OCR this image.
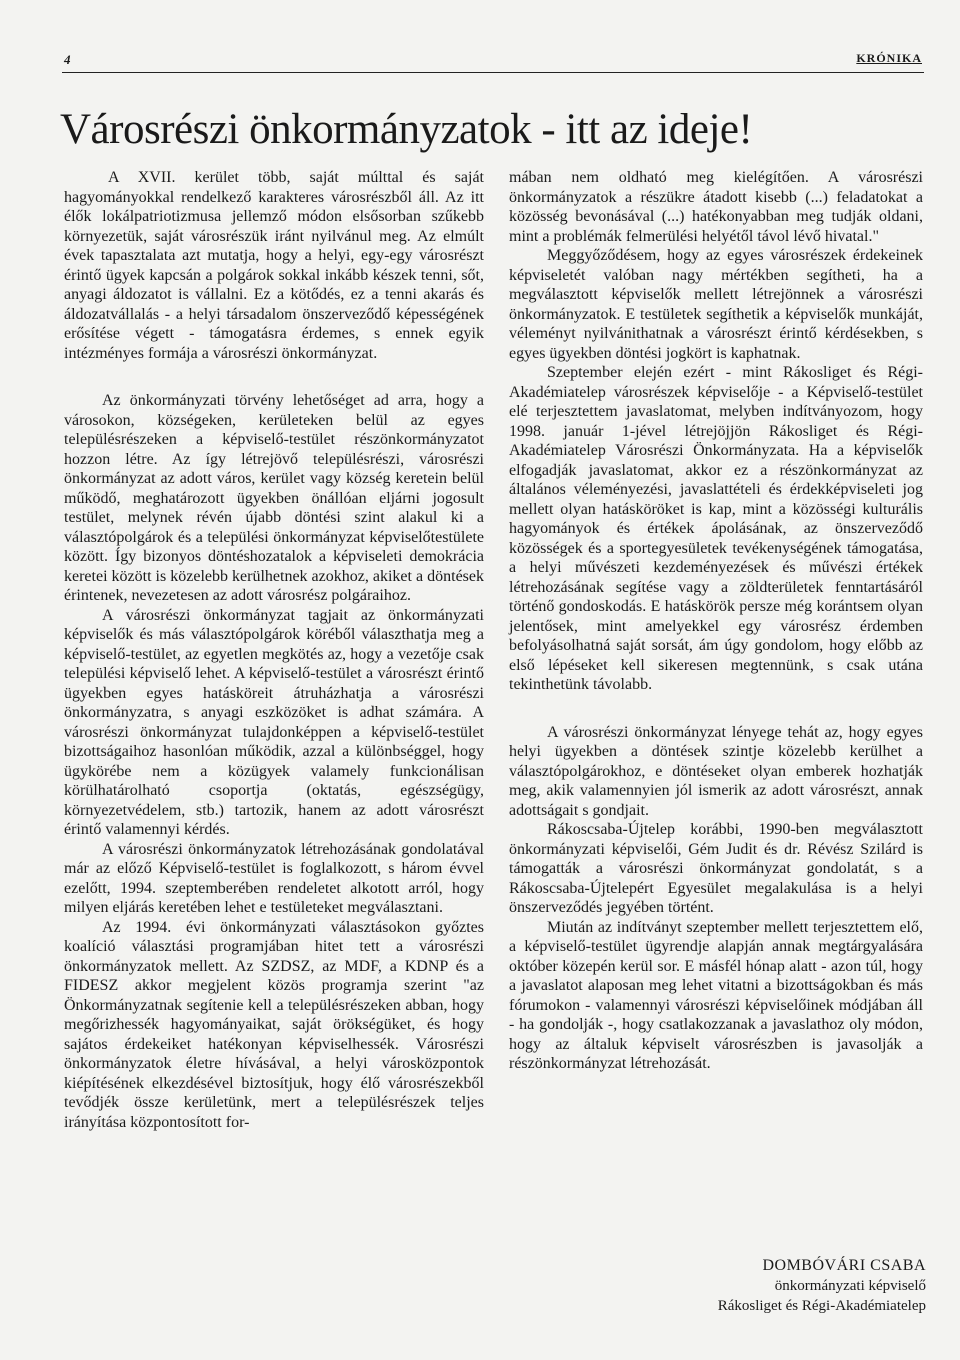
4	KRÓNIKA
Városrészi önkormányzatok - itt az ideje!

A XVII. kerület több, saját múlttal és saját hagyományokkal rendelkező karakteres városrészből áll. Az itt élők lokálpatriotizmusa jellemző módon elsősorban szűkebb környezetük, saját városrészük iránt nyilvánul meg. Az elmúlt évek tapasztalata azt mutatja, hogy a helyi, egy-egy városrészt érintő ügyek kapcsán a polgárok sokkal inkább készek tenni, sőt, anyagi áldozatot is vállalni. Ez a kötődés, ez a tenni akarás és áldozatvállalás - a helyi társadalom önszerveződő képességének erősítése végett - támogatásra érdemes, s ennek egyik intézményes formája a városrészi önkormányzat.

Az önkormányzati törvény lehetőséget ad arra, hogy a városokon, községeken, kerületeken belül az egyes településrészeken a képviselő-testület részönkormányzatot hozzon létre. Az így létrejövő településrészi, városrészi önkormányzat az adott város, kerület vagy község keretein belül működő, meghatározott ügyekben önállóan eljárni jogosult testület, melynek révén újabb döntési szint alakul ki a választópolgárok és a települési önkormányzat képviselőtestülete között. Így bizonyos döntéshozatalok a képviseleti demokrácia keretei között is közelebb kerülhetnek azokhoz, akiket a döntések érintenek, nevezetesen az adott városrész polgáraihoz.

A városrészi önkormányzat tagjait az önkormányzati képviselők és más választópolgárok köréből választhatja meg a képviselő-testület, az egyetlen megkötés az, hogy a vezetője csak települési képviselő lehet. A képviselő-testület a városrészt érintő ügyekben egyes hatásköreit átruházhatja a városrészi önkormányzatra, s anyagi eszközöket is adhat számára. A városrészi önkormányzat tulajdonképpen a képviselő-testület bizottságaihoz hasonlóan működik, azzal a különbséggel, hogy ügykörébe nem a közügyek valamely funkcionálisan körülhatárolható csoportja (oktatás, egészségügy, környezetvédelem, stb.) tartozik, hanem az adott városrészt érintő valamennyi kérdés.

A városrészi önkormányzatok létrehozásának gondolatával már az előző Képviselő-testület is foglalkozott, s három évvel ezelőtt, 1994. szeptemberében rendeletet alkotott arról, hogy milyen eljárás keretében lehet e testületeket megválasztani.

Az 1994. évi önkormányzati választásokon győztes koalíció választási programjában hitet tett a városrészi önkormányzatok mellett. Az SZDSZ, az MDF, a KDNP és a FIDESZ akkor megjelent közös programja szerint "az Önkormányzatnak segítenie kell a településrészeken abban, hogy megőrizhessék hagyományaikat, saját örökségüket, és hogy sajátos érdekeiket hatékonyan képviselhessék. Városrészi önkormányzatok életre hívásával, a helyi városközpontok kiépítésének elkezdésével biztosítjuk, hogy élő városrészekből tevődjék össze kerületünk, mert a településrészek teljes irányítása központosított for-

mában nem oldható meg kielégítően. A városrészi önkormányzatok a részükre átadott kisebb (...) feladatokat a közösség bevonásával (...) hatékonyabban meg tudják oldani, mint a problémák felmerülési helyétől távol lévő hivatal."

Meggyőződésem, hogy az egyes városrészek érdekeinek képviseletét valóban nagy mértékben segítheti, ha a megválasztott képviselők mellett létrejönnek a városrészi önkormányzatok. E testületek segíthetik a képviselők munkáját, véleményt nyilvánithatnak a városrészt érintő kérdésekben, s egyes ügyekben döntési jogkört is kaphatnak.

Szeptember elején ezért - mint Rákosliget és Régi-Akadémiatelep városrészek képviselője - a Képviselő-testület elé terjesztettem javaslatomat, melyben indítványozom, hogy 1998. január 1-jével létrejöjjön Rákosliget és Régi-Akadémiatelep Városrészi Önkormányzata. Ha a képviselők elfogadják javaslatomat, akkor ez a részönkormányzat az általános véleményezési, javaslattételi és érdekképviseleti jog mellett olyan hatásköröket is kap, mint a közösségi kulturális hagyományok és értékek ápolásának, az önszerveződő közösségek és a sportegyesületek tevékenységének támogatása, a helyi művészeti kezdeményezések és művészi értékek létrehozásának segítése vagy a zöldterületek fenntartásáról történő gondoskodás. E hatáskörök persze még korántsem olyan jelentősek, mint amelyekkel egy városrész érdemben befolyásolhatná saját sorsát, ám úgy gondolom, hogy előbb az első lépéseket kell sikeresen megtennünk, s csak utána tekinthetünk távolabb.

A városrészi önkormányzat lényege tehát az, hogy egyes helyi ügyekben a döntések szintje közelebb kerülhet a választópolgárokhoz, e döntéseket olyan emberek hozhatják meg, akik valamennyien jól ismerik az adott városrészt, annak adottságait s gondjait.

Rákoscsaba-Újtelep korábbi, 1990-ben megválasztott önkormányzati képviselői, Gém Judit és dr. Révész Szilárd is támogatták a városrészi önkormányzat gondolatát, s a Rákoscsaba-Újtelepért Egyesület megalakulása is a helyi önszerveződés jegyében történt.

Miután az indítványt szeptember mellett terjesztettem elő, a képviselő-testület ügyrendje alapján annak megtárgyalására október közepén kerül sor. E másfél hónap alatt - azon túl, hogy a javaslatot alaposan meg lehet vitatni a bizottságokban és más fórumokon - valamennyi városrészi képviselőinek módjában áll - ha gondolják -, hogy csatlakozzanak a javaslathoz oly módon, hogy az általuk képviselt városrészben is javasolják a részönkormányzat létrehozását.

DOMBÓVÁRI CSABA
önkormányzati képviselő
Rákosliget és Régi-Akadémiatelep
